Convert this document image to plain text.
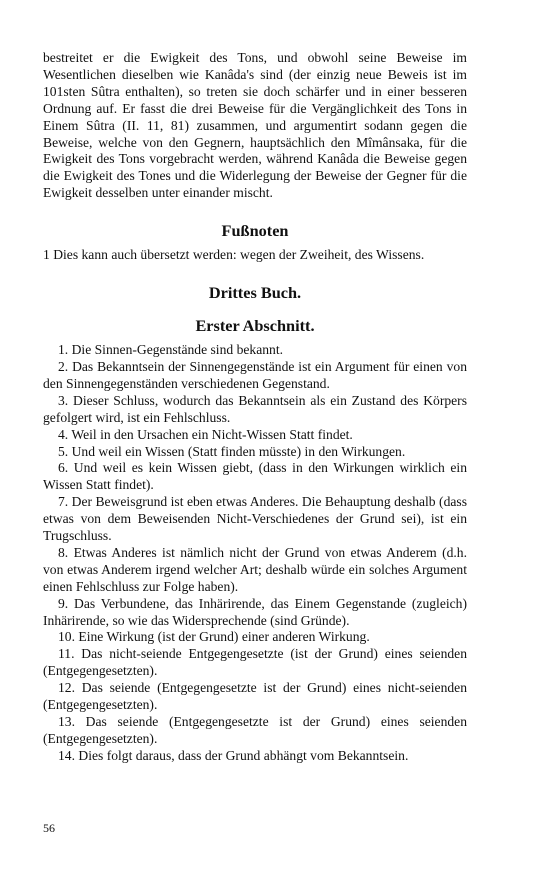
bestreitet er die Ewigkeit des Tons, und obwohl seine Beweise im Wesentlichen dieselben wie Kanâda's sind (der einzig neue Beweis ist im 101sten Sûtra enthalten), so treten sie doch schärfer und in einer besseren Ordnung auf. Er fasst die drei Beweise für die Vergänglichkeit des Tons in Einem Sûtra (II. 11, 81) zusammen, und argumentirt sodann gegen die Beweise, welche von den Gegnern, hauptsächlich den Mîmânsaka, für die Ewigkeit des Tons vorgebracht werden, während Kanâda die Beweise gegen die Ewigkeit des Tones und die Widerlegung der Beweise der Gegner für die Ewigkeit desselben unter einander mischt.

Fußnoten

1 Dies kann auch übersetzt werden: wegen der Zweiheit, des Wissens.

Drittes Buch.
Erster Abschnitt.

1. Die Sinnen-Gegenstände sind bekannt.

2. Das Bekanntsein der Sinnengegenstände ist ein Argument für einen von den Sinnengegenständen verschiedenen Gegenstand.

3. Dieser Schluss, wodurch das Bekanntsein als ein Zustand des Körpers gefolgert wird, ist ein Fehlschluss.

4. Weil in den Ursachen ein Nicht-Wissen Statt findet.

5. Und weil ein Wissen (Statt finden müsste) in den Wirkungen.

6. Und weil es kein Wissen giebt, (dass in den Wirkungen wirklich ein Wissen Statt findet).

7. Der Beweisgrund ist eben etwas Anderes. Die Behauptung deshalb (dass etwas von dem Beweisenden Nicht-Verschiedenes der Grund sei), ist ein Trugschluss.

8. Etwas Anderes ist nämlich nicht der Grund von etwas Anderem (d.h. von etwas Anderem irgend welcher Art; deshalb würde ein solches Argument einen Fehlschluss zur Folge haben).

9. Das Verbundene, das Inhärirende, das Einem Gegenstande (zugleich) Inhärirende, so wie das Widersprechende (sind Gründe).

10. Eine Wirkung (ist der Grund) einer anderen Wirkung.

11. Das nicht-seiende Entgegengesetzte (ist der Grund) eines seienden (Entgegengesetzten).

12. Das seiende (Entgegengesetzte ist der Grund) eines nicht-seienden (Entgegengesetzten).

13. Das seiende (Entgegengesetzte ist der Grund) eines seienden (Entgegengesetzten).

14. Dies folgt daraus, dass der Grund abhängt vom Bekanntsein.

56
